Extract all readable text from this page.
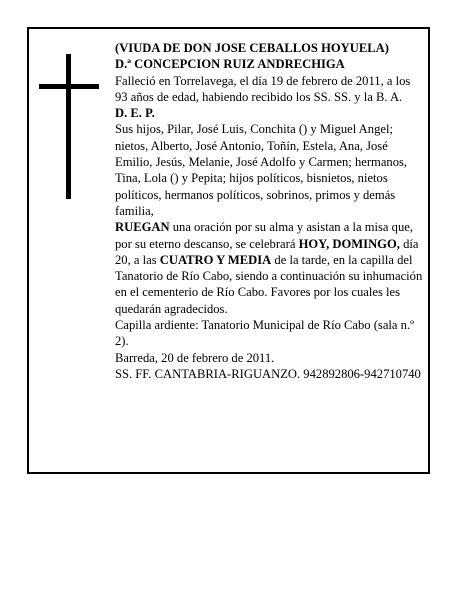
(VIUDA DE DON JOSE CEBALLOS HOYUELA)

D.ª CONCEPCION RUIZ ANDRECHIGA

Falleció en Torrelavega, el día 19 de febrero de 2011, a los 93 años de edad, habiendo recibido los SS. SS. y la B. A.

D. E. P.

Sus hijos, Pilar, José Luis, Conchita () y Miguel Angel; nietos, Alberto, José Antonio, Toñín, Estela, Ana, José Emilio, Jesús, Melanie, José Adolfo y Carmen; hermanos, Tina, Lola () y Pepita; hijos políticos, bisnietos, nietos políticos, hermanos políticos, sobrinos, primos y demás familia,

RUEGAN una oración por su alma y asistan a la misa que, por su eterno descanso, se celebrará HOY, DOMINGO, día 20, a las CUATRO Y MEDIA de la tarde, en la capilla del Tanatorio de Río Cabo, siendo a continuación su inhumación en el cementerio de Río Cabo. Favores por los cuales les quedarán agradecidos.

Capilla ardiente: Tanatorio Municipal de Río Cabo (sala n.º 2).

Barreda, 20 de febrero de 2011.

SS. FF. CANTABRIA-RIGUANZO. 942892806-942710740
